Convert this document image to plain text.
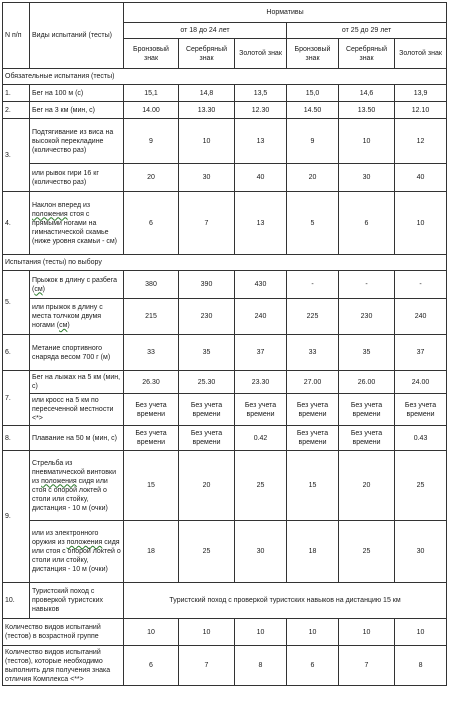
N п/п	Виды испытаний (тесты)	Нормативы					
		от 18 до 24 лет			от 25 до 29 лет		
		Бронзовый знак	Серебряный знак	Золотой знак	Бронзовый знак	Серебряный знак	Золотой знак
Обязательные испытания (тесты)							
1.	Бег на 100 м (с)	15,1	14,8	13,5	15,0	14,6	13,9
2.	Бег на 3 км (мин, с)	14.00	13.30	12.30	14.50	13.50	12.10
3.	Подтягивание из виса на высокой перекладине (количество раз)	9	10	13	9	10	12
	или рывок гири 16 кг (количество раз)	20	30	40	20	30	40
4.	Наклон вперед из положения стоя с прямыми ногами на гимнастической скамье (ниже уровня скамьи - см)	6	7	13	5	6	10
Испытания (тесты) по выбору							
5.	Прыжок в длину с разбега (см)	380	390	430	-	-	-
	или прыжок в длину с места толчком двумя ногами (см)	215	230	240	225	230	240
6.	Метание спортивного снаряда весом 700 г (м)	33	35	37	33	35	37
7.	Бег на лыжах на 5 км (мин, с)	26.30	25.30	23.30	27.00	26.00	24.00
	или кросс на 5 км по пересеченной местности <*>	Без учета времени	Без учета времени	Без учета времени	Без учета времени	Без учета времени	Без учета времени
8.	Плавание на 50 м (мин, с)	Без учета времени	Без учета времени	0.42	Без учета времени	Без учета времени	0.43
9.	Стрельба из пневматической винтовки из положения сидя или стоя с опорой локтей о столи или стойку, дистанция - 10 м (очки)	15	20	25	15	20	25
	или из электронного оружия из положения сидя или стоя с опорой локтей о столи или стойку, дистанция - 10 м (очки)	18	25	30	18	25	30
10.	Туристский поход с проверкой туристских навыков	Туристский поход с проверкой туристских навыков на дистанцию 15 км					
Количество видов испытаний (тестов) в возрастной группе		10	10	10	10	10	10
Количество видов испытаний (тестов), которые необходимо выполнить для получения знака отличия Комплекса <**>		6	7	8	6	7	8
